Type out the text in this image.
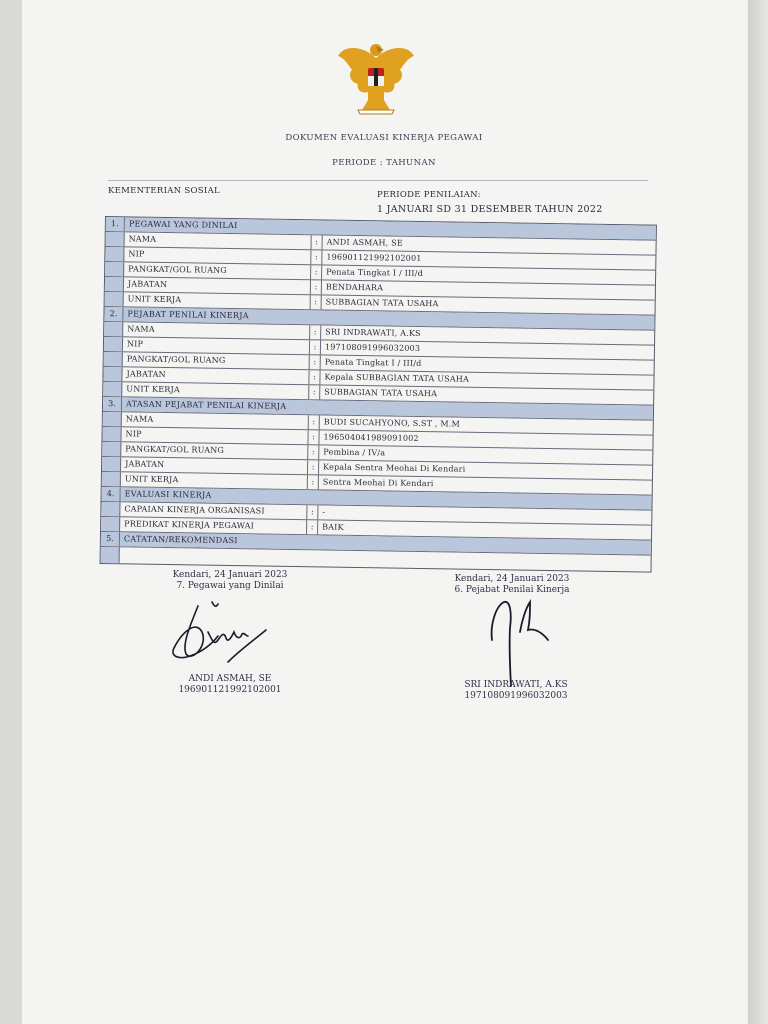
DOKUMEN EVALUASI KINERJA PEGAWAI
PERIODE : TAHUNAN
KEMENTERIAN SOSIAL	PERIODE PENILAIAN:
1 JANUARI SD 31 DESEMBER TAHUN 2022
1.	PEGAWAI YANG DINILAI
NAMA	:	ANDI ASMAH, SE
NIP	:	196901121992102001
PANGKAT/GOL RUANG	:	Penata Tingkat I / III/d
JABATAN	:	BENDAHARA
UNIT KERJA	:	SUBBAGIAN TATA USAHA
2.	PEJABAT PENILAI KINERJA
NAMA	:	SRI INDRAWATI, A.KS
NIP	:	197108091996032003
PANGKAT/GOL RUANG	:	Penata Tingkat I / III/d
JABATAN	:	Kepala SUBBAGIAN TATA USAHA
UNIT KERJA	:	SUBBAGIAN TATA USAHA
3.	ATASAN PEJABAT PENILAI KINERJA
NAMA	:	BUDI SUCAHYONO, S.ST , M.M
NIP	:	196504041989091002
PANGKAT/GOL RUANG	:	Pembina / IV/a
JABATAN	:	Kepala Sentra Meohai Di Kendari
UNIT KERJA	:	Sentra Meohai Di Kendari
4.	EVALUASI KINERJA
CAPAIAN KINERJA ORGANISASI	:	-
PREDIKAT KINERJA PEGAWAI	:	BAIK
5.	CATATAN/REKOMENDASI
Kendari, 24 Januari 2023
7. Pegawai yang Dinilai
ANDI ASMAH, SE
196901121992102001
Kendari, 24 Januari 2023
6. Pejabat Penilai Kinerja
SRI INDRAWATI, A.KS
197108091996032003
